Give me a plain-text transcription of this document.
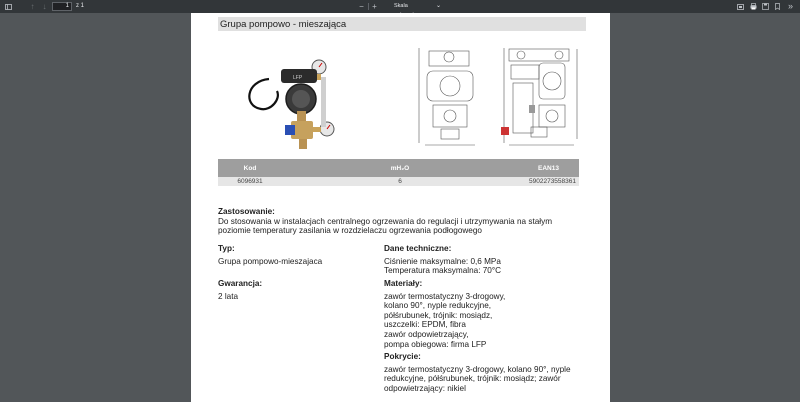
↑	↓	1	z 1	− +	Skala	⌄	»
Grupa pompowo - mieszająca
LFP
Kod	mH₂O	EAN13
6096931	6	5902273558361
Zastosowanie:
Do stosowania w instalacjach centralnego ogrzewania do regulacji i utrzymywania na stałym
poziomie temperatury zasilania w rozdzielaczu ogrzewania podłogowego
Typ:
Grupa pompowo-mieszajaca
Dane techniczne:
Ciśnienie maksymalne: 0,6 MPa
Temperatura maksymalna: 70°C
Gwarancja:
2 lata
Materiały:
zawór termostatyczny 3-drogowy,
kolano 90°, nyple redukcyjne,
półśrubunek, trójnik: mosiądz,
uszczelki: EPDM, fibra
zawór odpowietrzający,
pompa obiegowa: firma LFP
Pokrycie:
zawór termostatyczny 3-drogowy, kolano 90°, nyple
redukcyjne, półśrubunek, trójnik: mosiądz; zawór
odpowietrzający: nikiel
